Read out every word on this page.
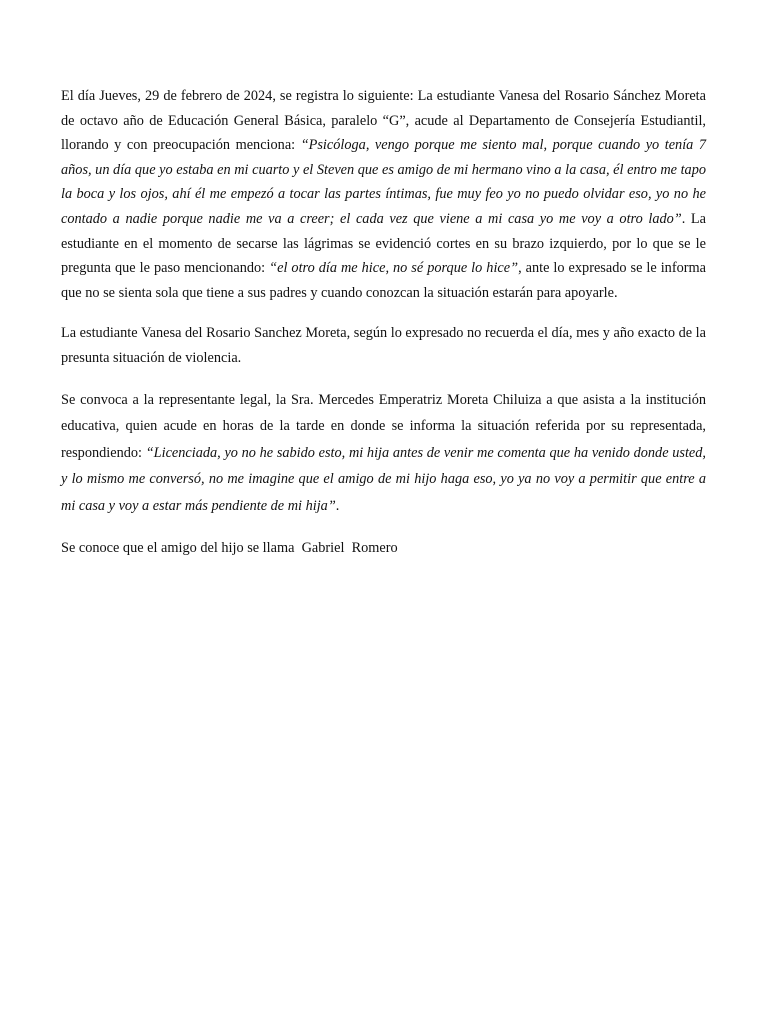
El día Jueves, 29 de febrero de 2024, se registra lo siguiente: La estudiante Vanesa del Rosario Sánchez Moreta de octavo año de Educación General Básica, paralelo “G”, acude al Departamento de Consejería Estudiantil, llorando y con preocupación menciona: “Psicóloga, vengo porque me siento mal, porque cuando yo tenía 7 años, un día que yo estaba en mi cuarto y el Steven que es amigo de mi hermano vino a la casa, él entro me tapo la boca y los ojos, ahí él me empezó a tocar las partes íntimas, fue muy feo yo no puedo olvidar eso, yo no he contado a nadie porque nadie me va a creer; el cada vez que viene a mi casa yo me voy a otro lado”. La estudiante en el momento de secarse las lágrimas se evidenció cortes en su brazo izquierdo, por lo que se le pregunta que le paso mencionando: “el otro día me hice, no sé porque lo hice”, ante lo expresado se le informa que no se sienta sola que tiene a sus padres y cuando conozcan la situación estarán para apoyarle.

La estudiante Vanesa del Rosario Sanchez Moreta, según lo expresado no recuerda el día, mes y año exacto de la presunta situación de violencia.

Se convoca a la representante legal, la Sra. Mercedes Emperatriz Moreta Chiluiza a que asista a la institución educativa, quien acude en horas de la tarde en donde se informa la situación referida por su representada, respondiendo: “Licenciada, yo no he sabido esto, mi hija antes de venir me comenta que ha venido donde usted, y lo mismo me conversó, no me imagine que el amigo de mi hijo haga eso, yo ya no voy a permitir que entre a mi casa y voy a estar más pendiente de mi hija”.

Se conoce que el amigo del hijo se llama  Gabriel  Romero
